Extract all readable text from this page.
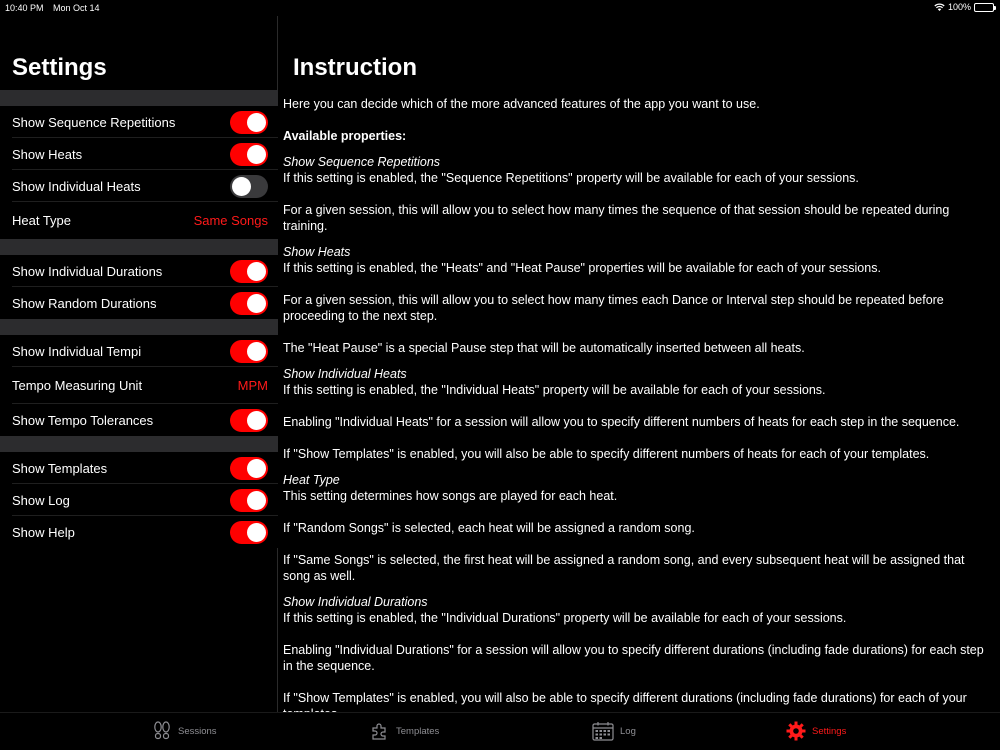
10:40 PM Mon Oct 14	100%
Settings
Show Sequence Repetitions
Show Heats
Show Individual Heats
Heat Type	Same Songs
Show Individual Durations
Show Random Durations
Show Individual Tempi
Tempo Measuring Unit	MPM
Show Tempo Tolerances
Show Templates
Show Log
Show Help
Instruction

Here you can decide which of the more advanced features of the app you want to use.

Available properties:

Show Sequence Repetitions

If this setting is enabled, the "Sequence Repetitions" property will be available for each of your sessions.

For a given session, this will allow you to select how many times the sequence of that session should be repeated during training.

Show Heats

If this setting is enabled, the "Heats" and "Heat Pause" properties will be available for each of your sessions.

For a given session, this will allow you to select how many times each Dance or Interval step should be repeated before proceeding to the next step.

The "Heat Pause" is a special Pause step that will be automatically inserted between all heats.

Show Individual Heats

If this setting is enabled, the "Individual Heats" property will be available for each of your sessions.

Enabling "Individual Heats" for a session will allow you to specify different numbers of heats for each step in the sequence.

If "Show Templates" is enabled, you will also be able to specify different numbers of heats for each of your templates.

Heat Type

This setting determines how songs are played for each heat.

If "Random Songs" is selected, each heat will be assigned a random song.

If "Same Songs" is selected, the first heat will be assigned a random song, and every subsequent heat will be assigned that song as well.

Show Individual Durations

If this setting is enabled, the "Individual Durations" property will be available for each of your sessions.

Enabling "Individual Durations" for a session will allow you to specify different durations (including fade durations) for each step in the sequence.

If "Show Templates" is enabled, you will also be able to specify different durations (including fade durations) for each of your

Sessions	Templates	Log	Settings
